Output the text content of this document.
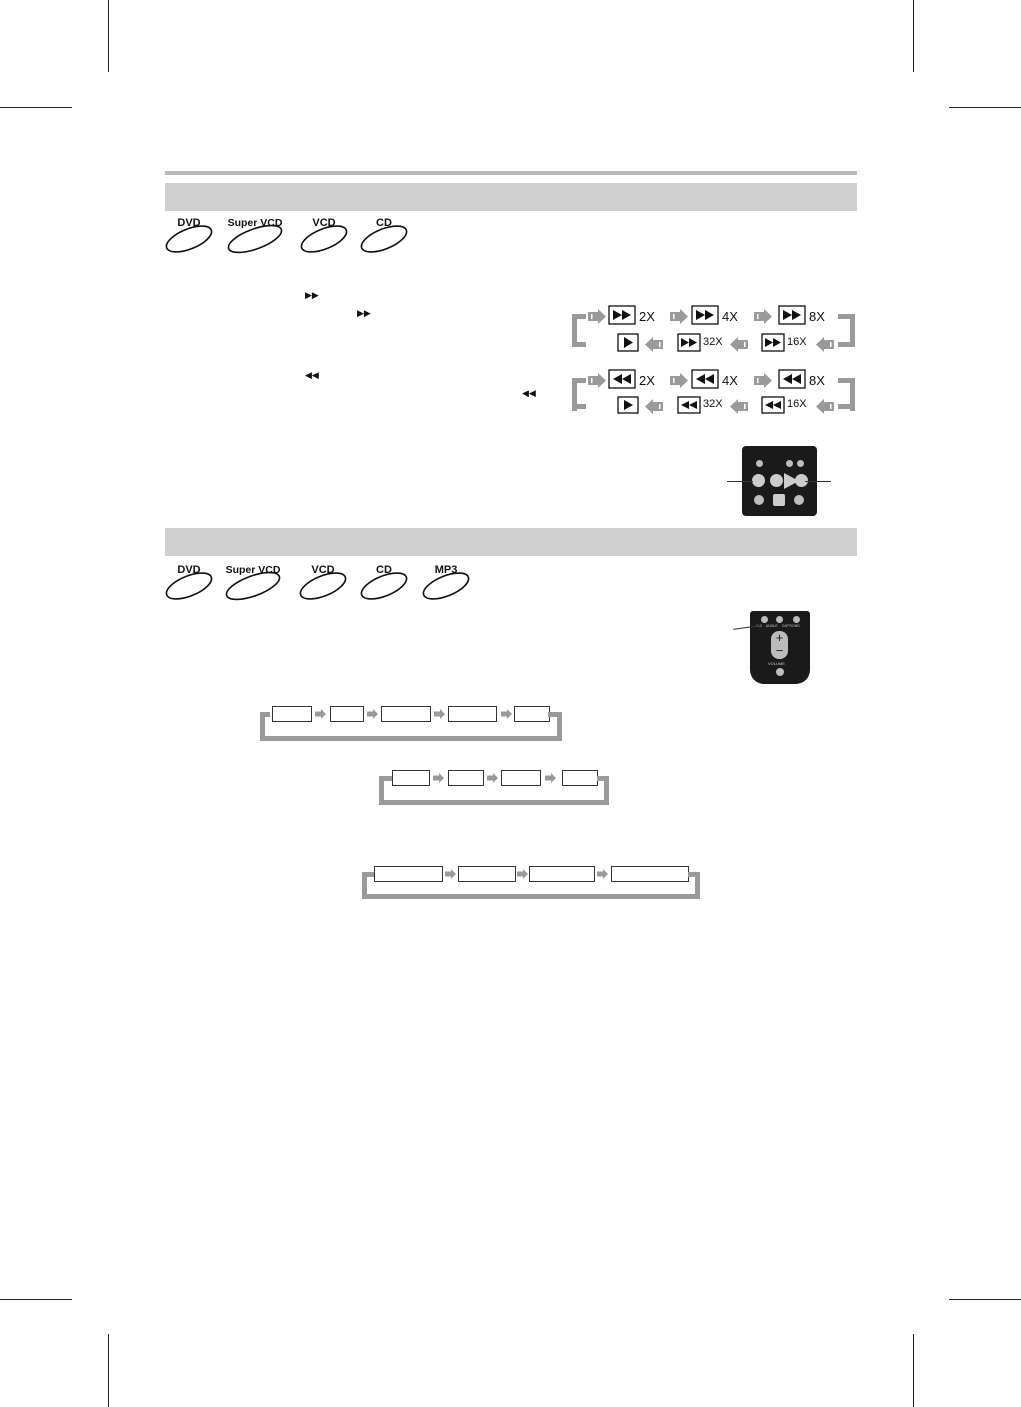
DVD	Super VCD	VCD	CD
▶▶
▶▶
◀◀
◀◀
2X	4X	8X
32X	16X
2X	4X	8X
32X	16X
DVD	Super VCD	VCD	CD	MP3
ANGLE CAPTIONS
+
−
VOLUME
